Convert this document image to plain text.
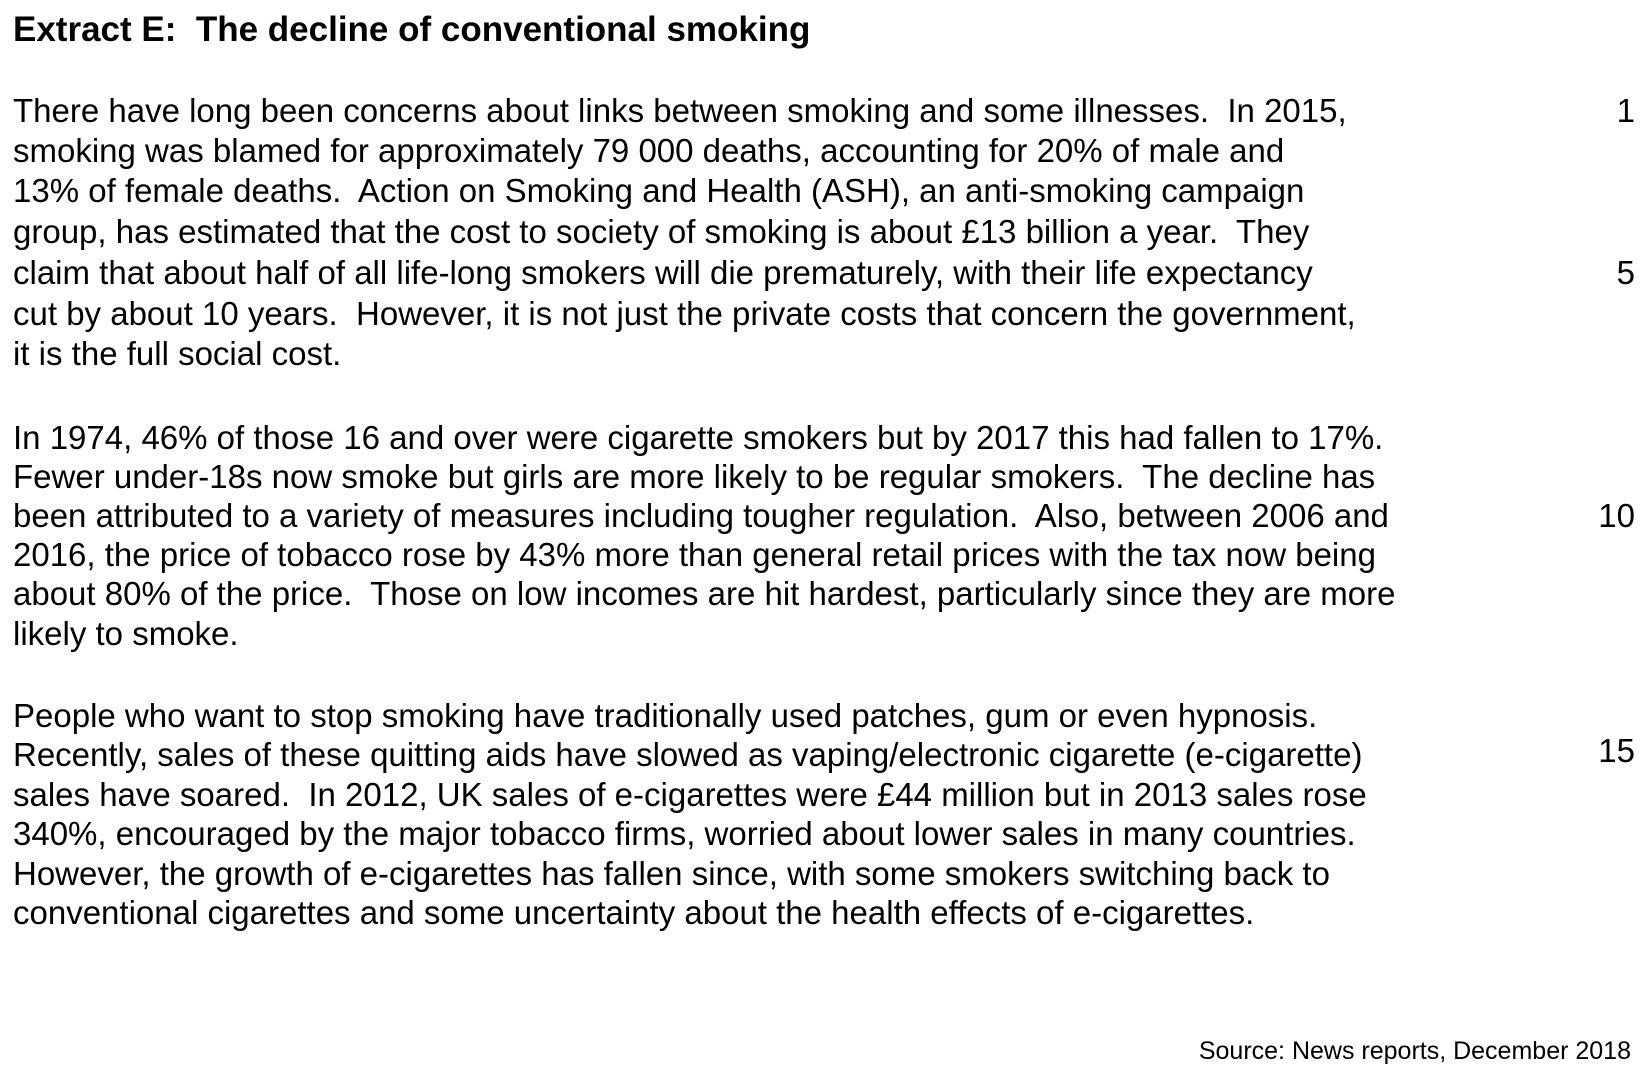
Extract E:  The decline of conventional smoking
There have long been concerns about links between smoking and some illnesses.  In 2015,
smoking was blamed for approximately 79 000 deaths, accounting for 20% of male and
13% of female deaths.  Action on Smoking and Health (ASH), an anti-smoking campaign
group, has estimated that the cost to society of smoking is about £13 billion a year.  They
claim that about half of all life-long smokers will die prematurely, with their life expectancy
cut by about 10 years.  However, it is not just the private costs that concern the government,
it is the full social cost.
In 1974, 46% of those 16 and over were cigarette smokers but by 2017 this had fallen to 17%.
Fewer under-18s now smoke but girls are more likely to be regular smokers.  The decline has
been attributed to a variety of measures including tougher regulation.  Also, between 2006 and
2016, the price of tobacco rose by 43% more than general retail prices with the tax now being
about 80% of the price.  Those on low incomes are hit hardest, particularly since they are more
likely to smoke.
People who want to stop smoking have traditionally used patches, gum or even hypnosis.
Recently, sales of these quitting aids have slowed as vaping/electronic cigarette (e-cigarette)
sales have soared.  In 2012, UK sales of e-cigarettes were £44 million but in 2013 sales rose
340%, encouraged by the major tobacco firms, worried about lower sales in many countries.
However, the growth of e-cigarettes has fallen since, with some smokers switching back to
conventional cigarettes and some uncertainty about the health effects of e-cigarettes.
1
5
10
15
Source: News reports, December 2018
